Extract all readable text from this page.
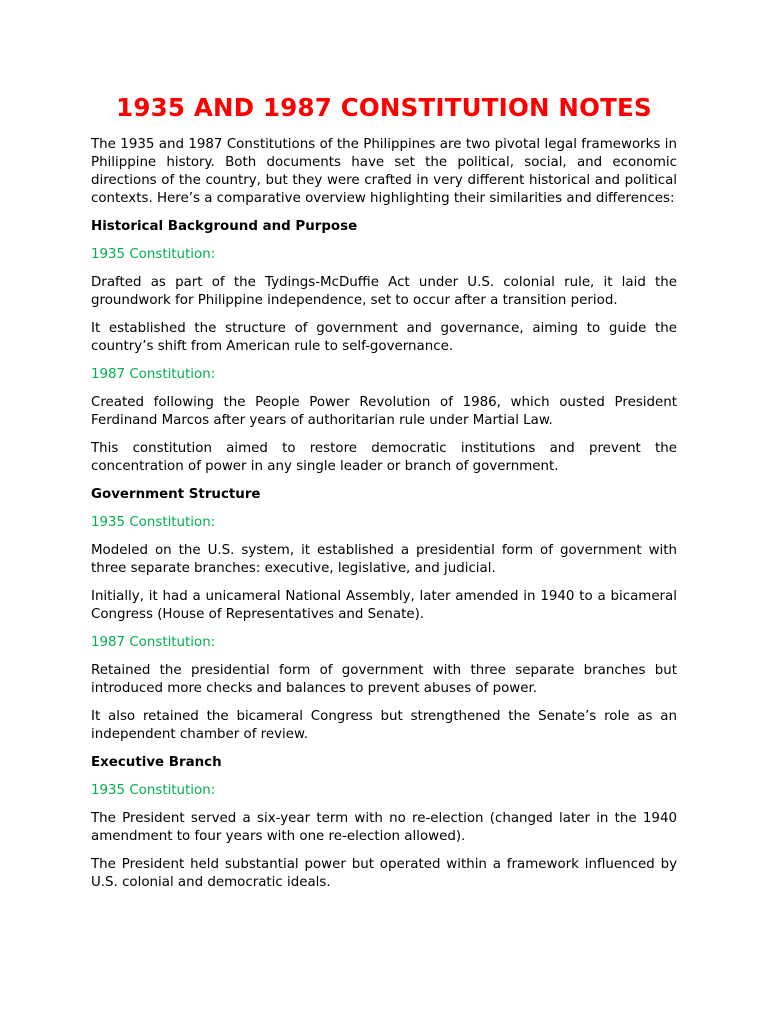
1935 AND 1987 CONSTITUTION NOTES

The 1935 and 1987 Constitutions of the Philippines are two pivotal legal frameworks in Philippine history. Both documents have set the political, social, and economic directions of the country, but they were crafted in very different historical and political contexts. Here’s a comparative overview highlighting their similarities and differences:

Historical Background and Purpose

1935 Constitution:

Drafted as part of the Tydings-McDuffie Act under U.S. colonial rule, it laid the groundwork for Philippine independence, set to occur after a transition period.

It established the structure of government and governance, aiming to guide the country’s shift from American rule to self-governance.

1987 Constitution:

Created following the People Power Revolution of 1986, which ousted President Ferdinand Marcos after years of authoritarian rule under Martial Law.

This constitution aimed to restore democratic institutions and prevent the concentration of power in any single leader or branch of government.

Government Structure

1935 Constitution:

Modeled on the U.S. system, it established a presidential form of government with three separate branches: executive, legislative, and judicial.

Initially, it had a unicameral National Assembly, later amended in 1940 to a bicameral Congress (House of Representatives and Senate).

1987 Constitution:

Retained the presidential form of government with three separate branches but introduced more checks and balances to prevent abuses of power.

It also retained the bicameral Congress but strengthened the Senate’s role as an independent chamber of review.

Executive Branch

1935 Constitution:

The President served a six-year term with no re-election (changed later in the 1940 amendment to four years with one re-election allowed).

The President held substantial power but operated within a framework influenced by U.S. colonial and democratic ideals.
